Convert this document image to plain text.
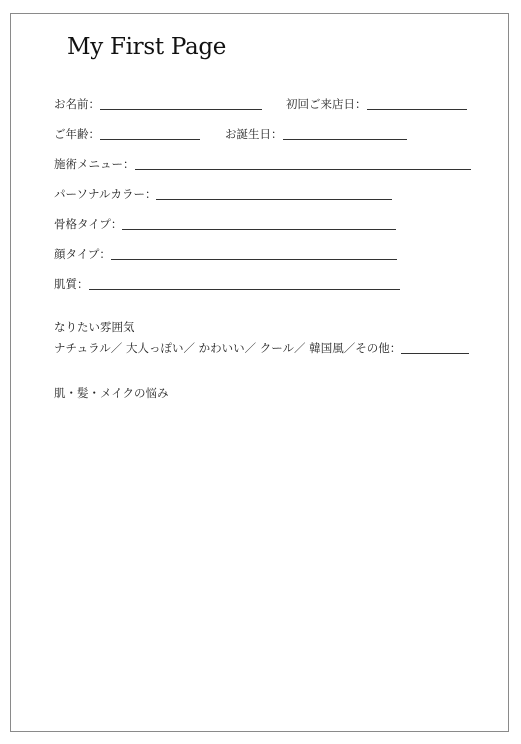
My First Page
お名前：	初回ご来店日：
ご年齢：	お誕生日：
施術メニュー：
パーソナルカラー：
骨格タイプ：
顔タイプ：
肌質：
なりたい雰囲気
ナチュラル／ 大人っぽい／ かわいい／ クール／ 韓国風／その他：
肌・髪・メイクの悩み
